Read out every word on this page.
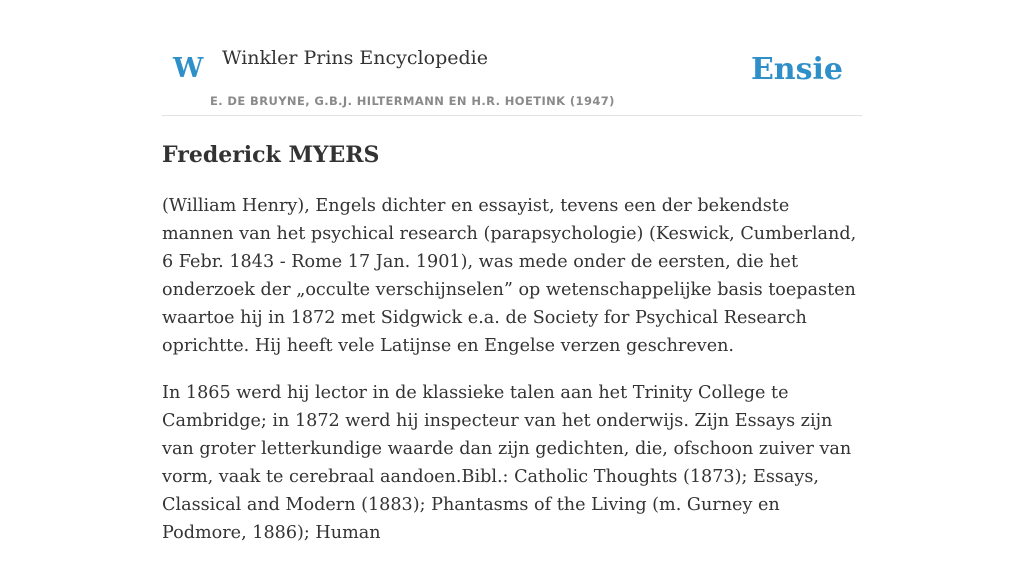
W Winkler Prins Encyclopedie
E. DE BRUYNE, G.B.J. HILTERMANN EN H.R. HOETINK (1947)
Ensie
Frederick MYERS

(William Henry), Engels dichter en essayist, tevens een der bekendste mannen van het psychical research (parapsychologie) (Keswick, Cumberland, 6 Febr. 1843 - Rome 17 Jan. 1901), was mede onder de eersten, die het onderzoek der „occulte verschijnselen” op wetenschappelijke basis toepasten waartoe hij in 1872 met Sidgwick e.a. de Society for Psychical Research oprichtte. Hij heeft vele Latijnse en Engelse verzen geschreven.

In 1865 werd hij lector in de klassieke talen aan het Trinity College te Cambridge; in 1872 werd hij inspecteur van het onderwijs. Zijn Essays zijn van groter letterkundige waarde dan zijn gedichten, die, ofschoon zuiver van vorm, vaak te cerebraal aandoen.Bibl.: Catholic Thoughts (1873); Essays, Classical and Modern (1883); Phantasms of the Living (m. Gurney en Podmore, 1886); Human
